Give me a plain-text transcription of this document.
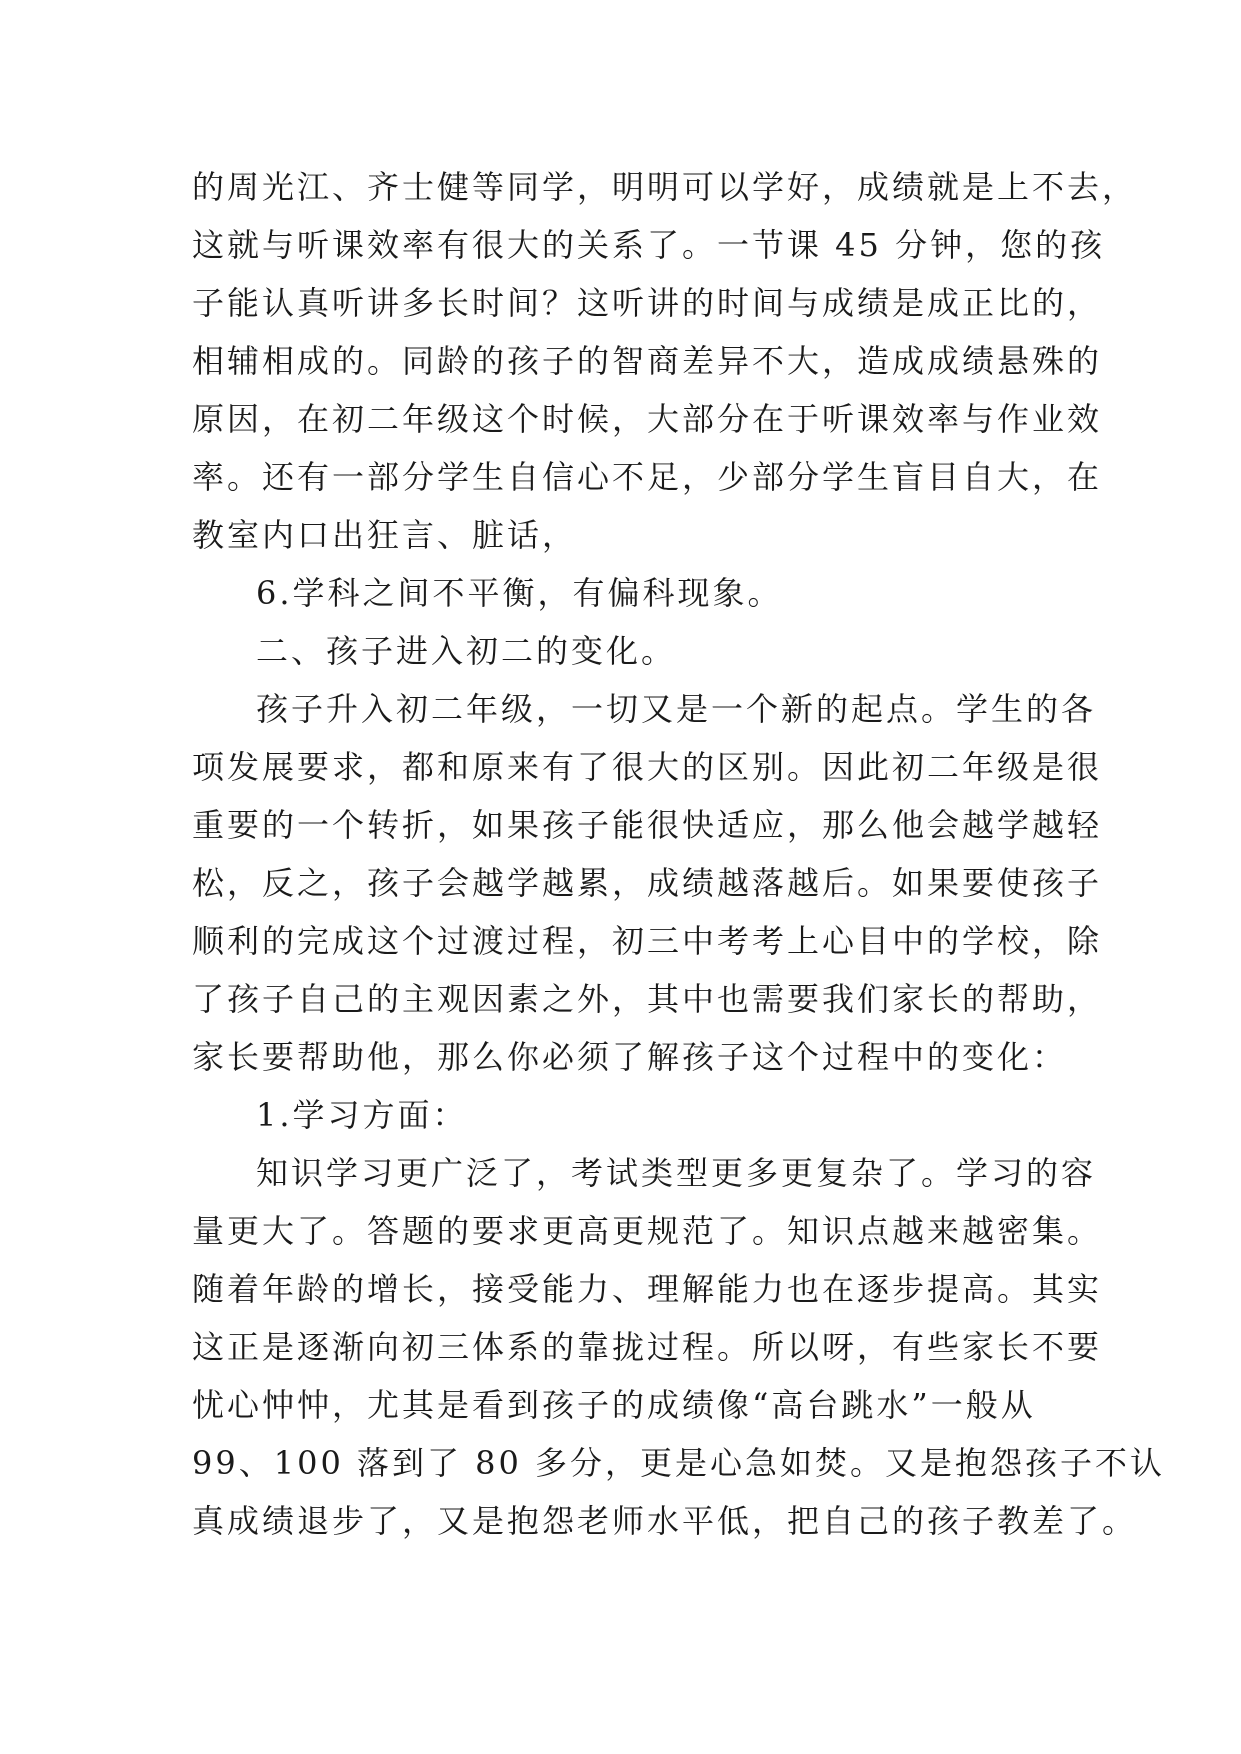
的周光江、齐士健等同学，明明可以学好，成绩就是上不去，
这就与听课效率有很大的关系了。一节课 45 分钟，您的孩
子能认真听讲多长时间？这听讲的时间与成绩是成正比的，
相辅相成的。同龄的孩子的智商差异不大，造成成绩悬殊的
原因，在初二年级这个时候，大部分在于听课效率与作业效
率。还有一部分学生自信心不足，少部分学生盲目自大，在
教室内口出狂言、脏话，
6.学科之间不平衡，有偏科现象。
二、孩子进入初二的变化。
孩子升入初二年级，一切又是一个新的起点。学生的各
项发展要求，都和原来有了很大的区别。因此初二年级是很
重要的一个转折，如果孩子能很快适应，那么他会越学越轻
松，反之，孩子会越学越累，成绩越落越后。如果要使孩子
顺利的完成这个过渡过程，初三中考考上心目中的学校，除
了孩子自己的主观因素之外，其中也需要我们家长的帮助，
家长要帮助他，那么你必须了解孩子这个过程中的变化：
1.学习方面：
知识学习更广泛了，考试类型更多更复杂了。学习的容
量更大了。答题的要求更高更规范了。知识点越来越密集。
随着年龄的增长，接受能力、理解能力也在逐步提高。其实
这正是逐渐向初三体系的靠拢过程。所以呀，有些家长不要
忧心忡忡，尤其是看到孩子的成绩像“高台跳水”一般从
99、100 落到了 80 多分，更是心急如焚。又是抱怨孩子不认
真成绩退步了，又是抱怨老师水平低，把自己的孩子教差了。
